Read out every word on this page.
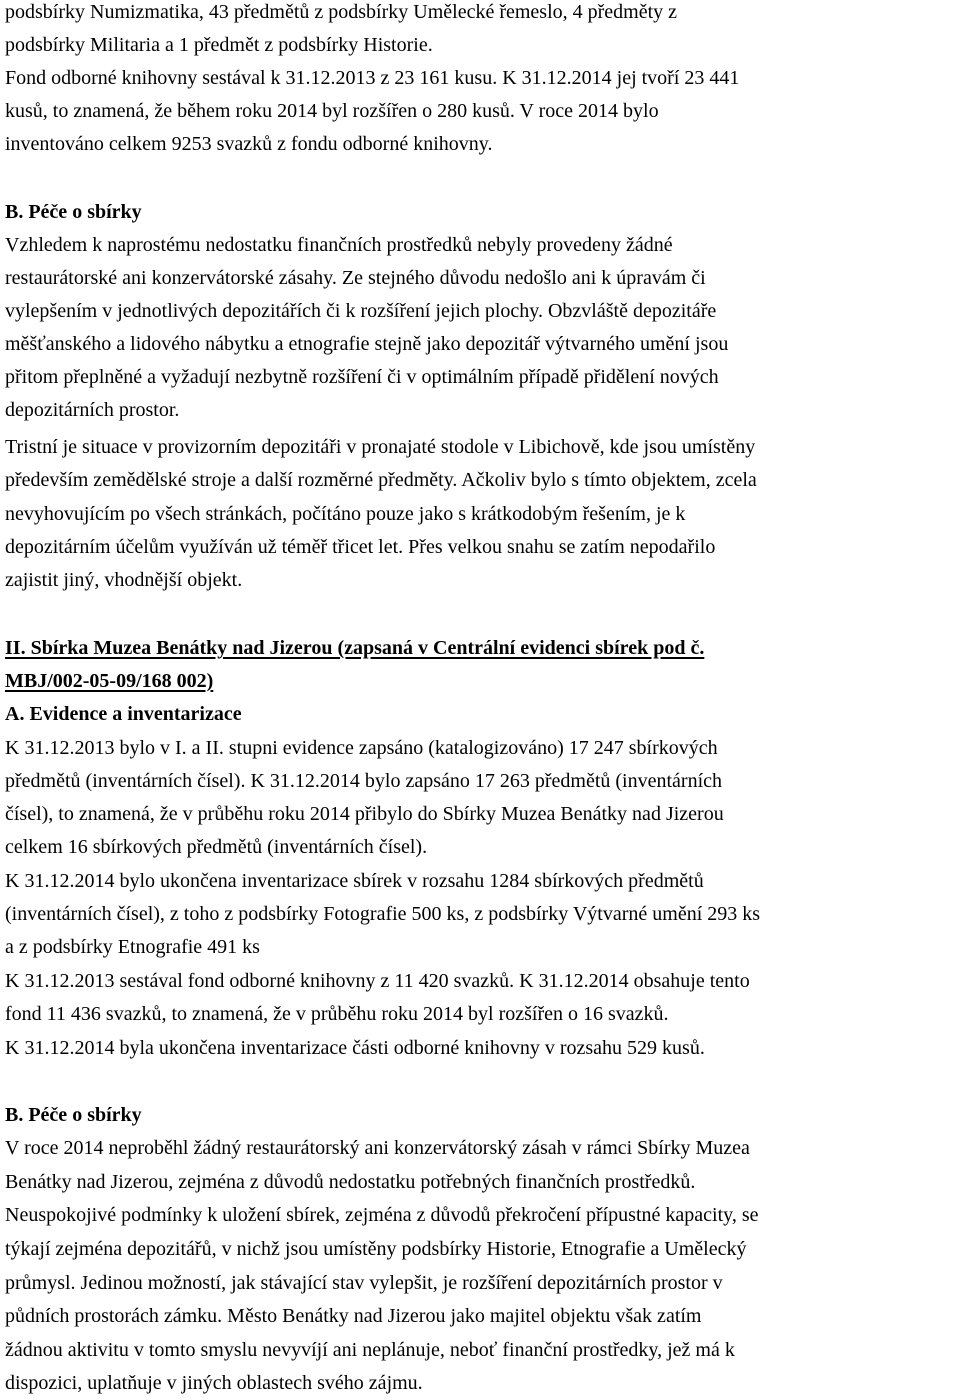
podsbírky Numizmatika, 43 předmětů z podsbírky Umělecké řemeslo, 4 předměty z
podsbírky Militaria a 1 předmět z podsbírky Historie.
Fond odborné knihovny sestával k 31.12.2013 z 23 161 kusu. K 31.12.2014 jej tvoří 23 441
kusů, to znamená, že během roku 2014 byl rozšířen o 280 kusů. V roce 2014 bylo
inventováno celkem 9253 svazků z fondu odborné knihovny.
B. Péče o sbírky
Vzhledem k naprostému nedostatku finančních prostředků nebyly provedeny žádné
restaurátorské ani konzervátorské zásahy. Ze stejného důvodu nedošlo ani k úpravám či
vylepšením v jednotlivých depozitářích či k rozšíření jejich plochy. Obzvláště depozitáře
měšťanského a lidového nábytku a etnografie stejně jako depozitář výtvarného umění jsou
přitom přeplněné a vyžadují nezbytně rozšíření či v optimálním případě přidělení nových
depozitárních prostor.
Tristní je situace v provizorním depozitáři v pronajaté stodole v Libichově, kde jsou umístěny
především zemědělské stroje a další rozměrné předměty. Ačkoliv bylo s tímto objektem, zcela
nevyhovujícím po všech stránkách, počítáno pouze jako s krátkodobým řešením, je k
depozitárním účelům využíván už téměř třicet let. Přes velkou snahu se zatím nepodařilo
zajistit jiný, vhodnější objekt.
II. Sbírka Muzea Benátky nad Jizerou (zapsaná v Centrální evidenci sbírek pod č.
MBJ/002-05-09/168 002)
A. Evidence a inventarizace
K 31.12.2013 bylo v I. a II. stupni evidence zapsáno (katalogizováno) 17 247 sbírkových
předmětů (inventárních čísel). K 31.12.2014 bylo zapsáno 17 263 předmětů (inventárních
čísel), to znamená, že v průběhu roku 2014 přibylo do Sbírky Muzea Benátky nad Jizerou
celkem 16 sbírkových předmětů (inventárních čísel).
K 31.12.2014 bylo ukončena inventarizace sbírek v rozsahu 1284 sbírkových předmětů
(inventárních čísel), z toho z podsbírky Fotografie 500 ks, z podsbírky Výtvarné umění 293 ks
a z podsbírky Etnografie 491 ks
K 31.12.2013 sestával fond odborné knihovny z 11 420 svazků. K 31.12.2014 obsahuje tento
fond 11 436 svazků, to znamená, že v průběhu roku 2014 byl rozšířen o 16 svazků.
K 31.12.2014 byla ukončena inventarizace části odborné knihovny v rozsahu 529 kusů.
B. Péče o sbírky
V roce 2014 neproběhl žádný restaurátorský ani konzervátorský zásah v rámci Sbírky Muzea
Benátky nad Jizerou, zejména z důvodů nedostatku potřebných finančních prostředků.
Neuspokojivé podmínky k uložení sbírek, zejména z důvodů překročení přípustné kapacity, se
týkají zejména depozitářů, v nichž jsou umístěny podsbírky Historie, Etnografie a Umělecký
průmysl. Jedinou možností, jak stávající stav vylepšit, je rozšíření depozitárních prostor v
půdních prostorách zámku. Město Benátky nad Jizerou jako majitel objektu však zatím
žádnou aktivitu v tomto smyslu nevyvíjí ani neplánuje, neboť finanční prostředky, jež má k
dispozici, uplatňuje v jiných oblastech svého zájmu.
